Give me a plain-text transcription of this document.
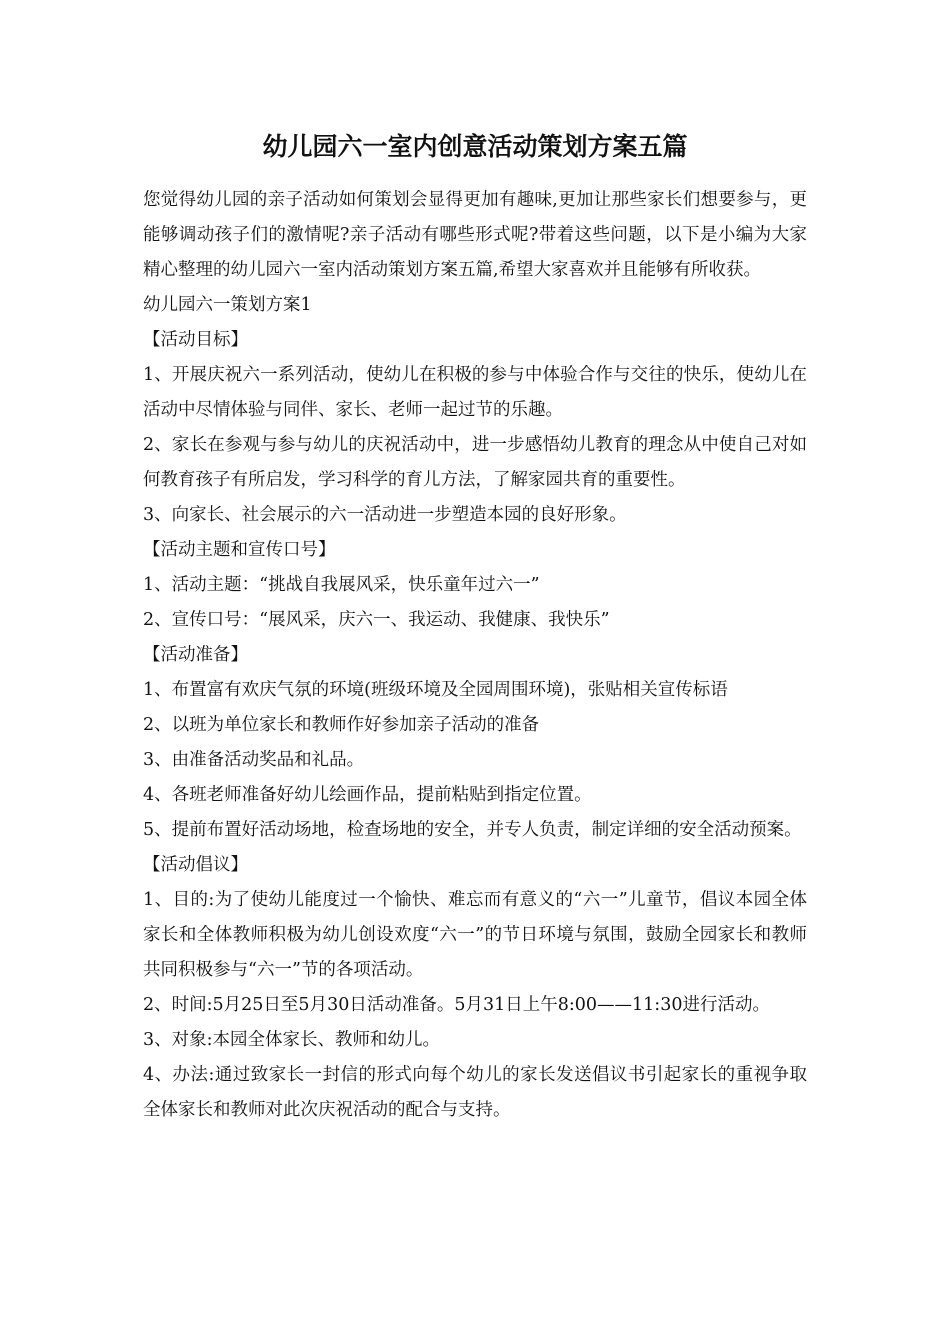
幼儿园六一室内创意活动策划方案五篇

您觉得幼儿园的亲子活动如何策划会显得更加有趣味,更加让那些家长们想要参与，更能够调动孩子们的激情呢?亲子活动有哪些形式呢?带着这些问题，以下是小编为大家精心整理的幼儿园六一室内活动策划方案五篇,希望大家喜欢并且能够有所收获。

幼儿园六一策划方案1

【活动目标】

1、开展庆祝六一系列活动，使幼儿在积极的参与中体验合作与交往的快乐，使幼儿在活动中尽情体验与同伴、家长、老师一起过节的乐趣。

2、家长在参观与参与幼儿的庆祝活动中，进一步感悟幼儿教育的理念从中使自己对如何教育孩子有所启发，学习科学的育儿方法，了解家园共育的重要性。

3、向家长、社会展示的六一活动进一步塑造本园的良好形象。

【活动主题和宣传口号】

1、活动主题：“挑战自我展风采，快乐童年过六一”

2、宣传口号：“展风采，庆六一、我运动、我健康、我快乐”

【活动准备】

1、布置富有欢庆气氛的环境(班级环境及全园周围环境)，张贴相关宣传标语

2、以班为单位家长和教师作好参加亲子活动的准备

3、由准备活动奖品和礼品。

4、各班老师准备好幼儿绘画作品，提前粘贴到指定位置。

5、提前布置好活动场地，检查场地的安全，并专人负责，制定详细的安全活动预案。

【活动倡议】

1、目的:为了使幼儿能度过一个愉快、难忘而有意义的“六一”儿童节，倡议本园全体家长和全体教师积极为幼儿创设欢度“六一”的节日环境与氛围，鼓励全园家长和教师共同积极参与“六一”节的各项活动。

2、时间:5月25日至5月30日活动准备。5月31日上午8:00——11:30进行活动。

3、对象:本园全体家长、教师和幼儿。

4、办法:通过致家长一封信的形式向每个幼儿的家长发送倡议书引起家长的重视争取全体家长和教师对此次庆祝活动的配合与支持。
